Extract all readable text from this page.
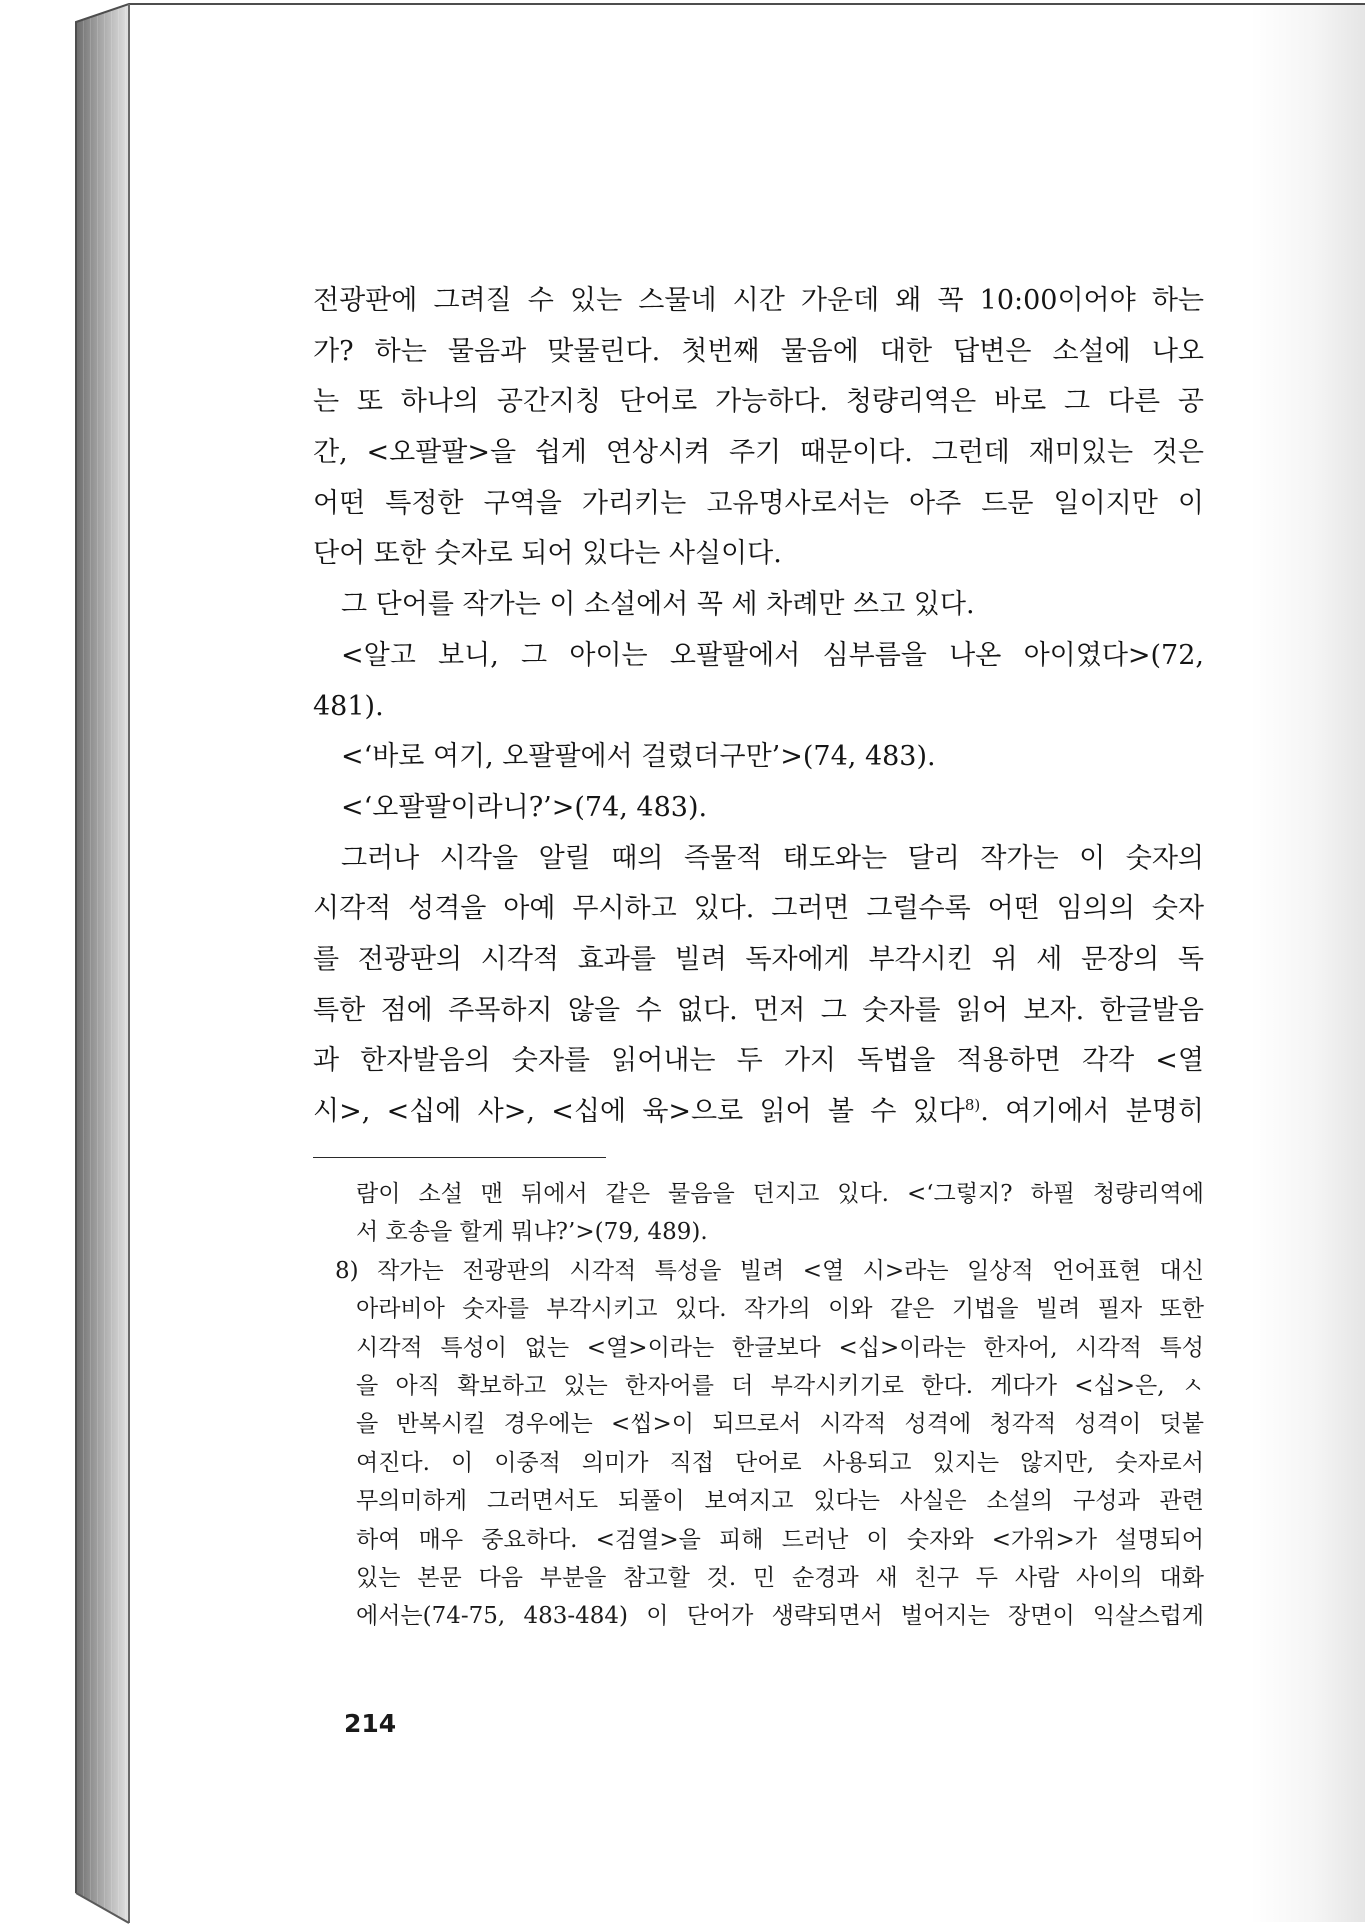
전광판에 그려질 수 있는 스물네 시간 가운데 왜 꼭 10:00이어야 하는
가? 하는 물음과 맞물린다. 첫번째 물음에 대한 답변은 소설에 나오
는 또 하나의 공간지칭 단어로 가능하다. 청량리역은 바로 그 다른 공
간, <오팔팔>을 쉽게 연상시켜 주기 때문이다. 그런데 재미있는 것은
어떤 특정한 구역을 가리키는 고유명사로서는 아주 드문 일이지만 이
단어 또한 숫자로 되어 있다는 사실이다.
그 단어를 작가는 이 소설에서 꼭 세 차례만 쓰고 있다.
<알고 보니, 그 아이는 오팔팔에서 심부름을 나온 아이였다>(72,
481).
<‘바로 여기, 오팔팔에서 걸렸더구만’>(74, 483).
<‘오팔팔이라니?’>(74, 483).
그러나 시각을 알릴 때의 즉물적 태도와는 달리 작가는 이 숫자의
시각적 성격을 아예 무시하고 있다. 그러면 그럴수록 어떤 임의의 숫자
를 전광판의 시각적 효과를 빌려 독자에게 부각시킨 위 세 문장의 독
특한 점에 주목하지 않을 수 없다. 먼저 그 숫자를 읽어 보자. 한글발음
과 한자발음의 숫자를 읽어내는 두 가지 독법을 적용하면 각각 <열
시>, <십에 사>, <십에 육>으로 읽어 볼 수 있다$^{8)}$. 여기에서 분명히
람이 소설 맨 뒤에서 같은 물음을 던지고 있다. <‘그렇지? 하필 청량리역에
서 호송을 할게 뭐냐?’>(79, 489).
8) 작가는 전광판의 시각적 특성을 빌려 <열 시>라는 일상적 언어표현 대신
아라비아 숫자를 부각시키고 있다. 작가의 이와 같은 기법을 빌려 필자 또한
시각적 특성이 없는 <열>이라는 한글보다 <십>이라는 한자어, 시각적 특성
을 아직 확보하고 있는 한자어를 더 부각시키기로 한다. 게다가 <십>은, ㅅ
을 반복시킬 경우에는 <씹>이 되므로서 시각적 성격에 청각적 성격이 덧붙
여진다. 이 이중적 의미가 직접 단어로 사용되고 있지는 않지만, 숫자로서
무의미하게 그러면서도 되풀이 보여지고 있다는 사실은 소설의 구성과 관련
하여 매우 중요하다. <검열>을 피해 드러난 이 숫자와 <가위>가 설명되어
있는 본문 다음 부분을 참고할 것. 민 순경과 새 친구 두 사람 사이의 대화
에서는(74-75, 483-484) 이 단어가 생략되면서 벌어지는 장면이 익살스럽게
214
